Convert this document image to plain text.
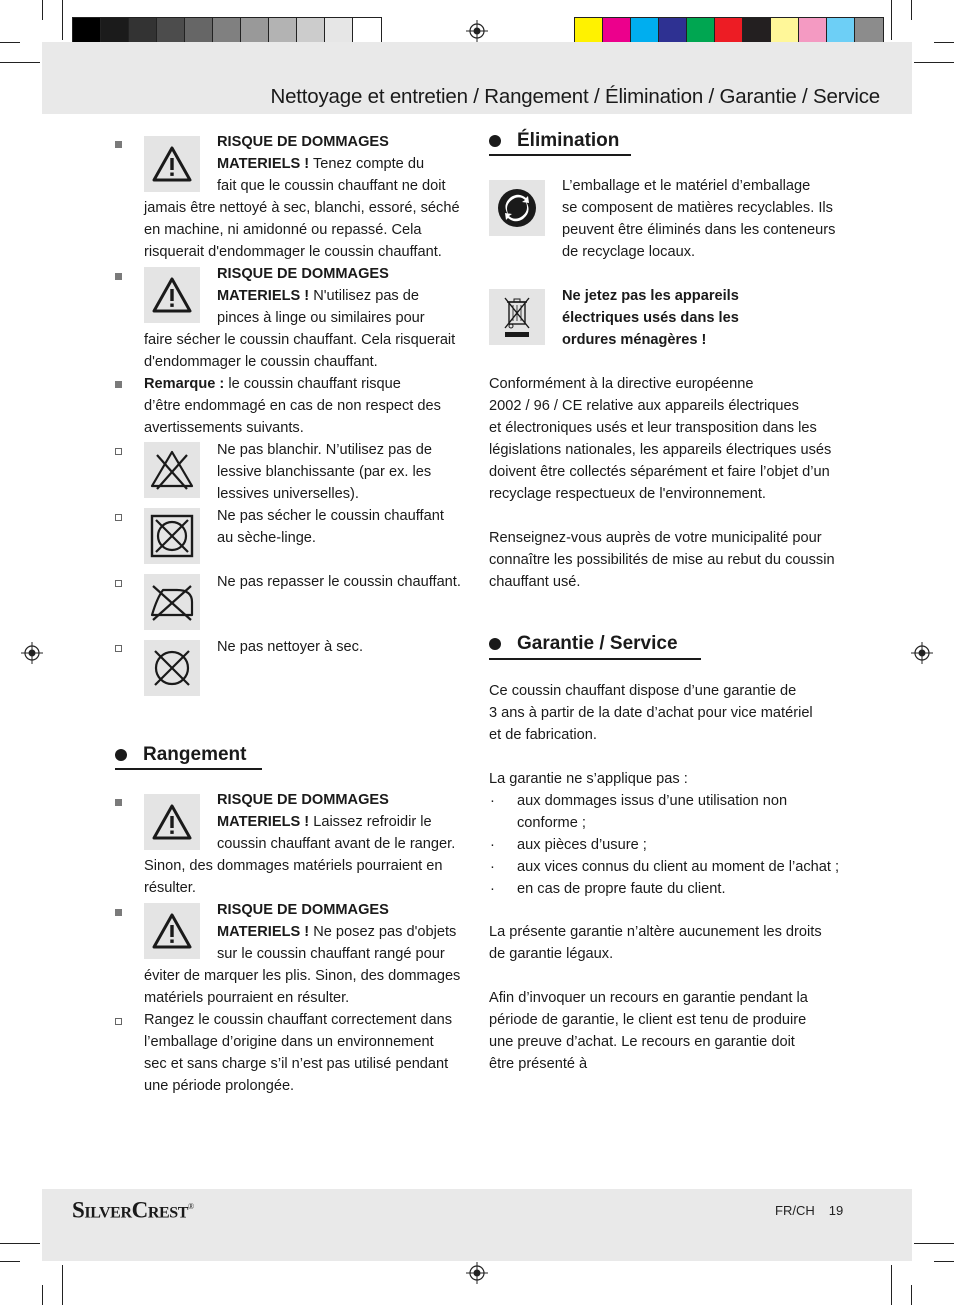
Nettoyage et entretien / Rangement / Élimination / Garantie / Service
RISQUE DE DOMMAGES
MATERIELS ! Tenez compte du
fait que le coussin chauffant ne doit
jamais être nettoyé à sec, blanchi, essoré, séché
en machine, ni amidonné ou repassé. Cela
risquerait d'endommager le coussin chauffant.
RISQUE DE DOMMAGES
MATERIELS ! N'utilisez pas de
pinces à linge ou similaires pour
faire sécher le coussin chauffant. Cela risquerait
d'endommager le coussin chauffant.
Remarque : le coussin chauffant risque
d’être endommagé en cas de non respect des
avertissements suivants.
Ne pas blanchir. N’utilisez pas de
lessive blanchissante (par ex. les
lessives universelles).
Ne pas sécher le coussin chauffant
au sèche-linge.
Ne pas repasser le coussin chauffant.
Ne pas nettoyer à sec.
Rangement
RISQUE DE DOMMAGES
MATERIELS ! Laissez refroidir le
coussin chauffant avant de le ranger.
Sinon, des dommages matériels pourraient en
résulter.
RISQUE DE DOMMAGES
MATERIELS ! Ne posez pas d'objets
sur le coussin chauffant rangé pour
éviter de marquer les plis. Sinon, des dommages
matériels pourraient en résulter.
Rangez le coussin chauffant correctement dans
l’emballage d’origine dans un environnement
sec et sans charge s’il n’est pas utilisé pendant
une période prolongée.
Élimination
L’emballage et le matériel d’emballage
se composent de matières recyclables. Ils
peuvent être éliminés dans les conteneurs
de recyclage locaux.
Ne jetez pas les appareils
électriques usés dans les
ordures ménagères !
Conformément à la directive européenne
2002 / 96 / CE relative aux appareils électriques
et électroniques usés et leur transposition dans les
législations nationales, les appareils électriques usés
doivent être collectés séparément et faire l’objet d’un
recyclage respectueux de l'environnement.
Renseignez-vous auprès de votre municipalité pour
connaître les possibilités de mise au rebut du coussin
chauffant usé.
Garantie / Service
Ce coussin chauffant dispose d’une garantie de
3 ans à partir de la date d’achat pour vice matériel
et de fabrication.
La garantie ne s’applique pas :
· aux dommages issus d’une utilisation non
conforme ;
· aux pièces d’usure ;
· aux vices connus du client au moment de l’achat ;
· en cas de propre faute du client.
La présente garantie n’altère aucunement les droits
de garantie légaux.
Afin d’invoquer un recours en garantie pendant la
période de garantie, le client est tenu de produire
une preuve d’achat. Le recours en garantie doit
être présenté à
SilverCrest®	FR/CH 19
